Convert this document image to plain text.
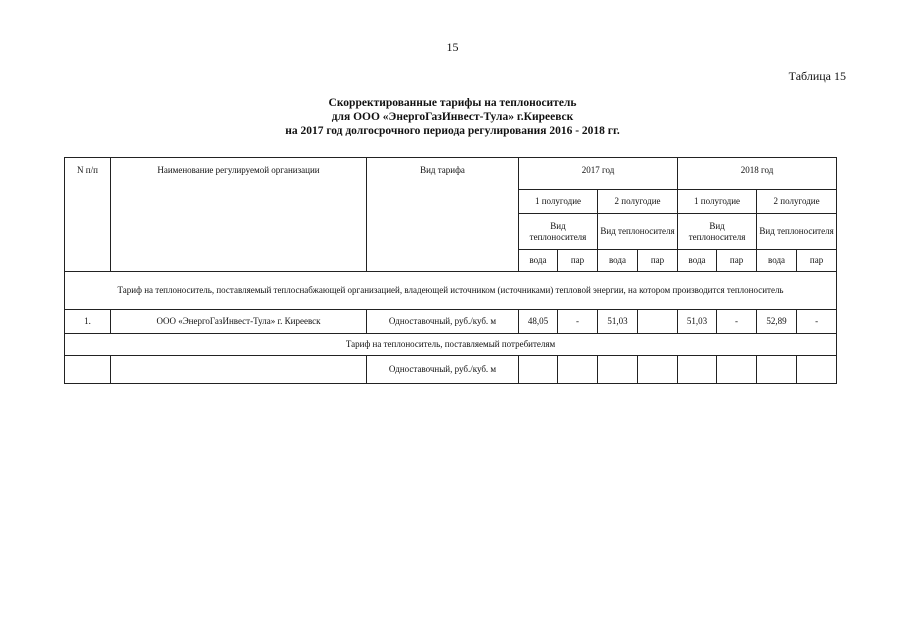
15
Таблица 15
Скорректированные тарифы на теплоноситель
для ООО «ЭнергоГазИнвест-Тула» г.Киреевск
на 2017 год долгосрочного периода регулирования 2016 - 2018 гг.
N п/п	Наименование регулируемой организации	Вид тарифа	2017 год				2018 год			
			1 полугодие		2 полугодие		1 полугодие		2 полугодие	
			Вид теплоносителя		Вид теплоносителя		Вид теплоносителя		Вид теплоносителя	
			вода	пар	вода	пар	вода	пар	вода	пар
Тариф на теплоноситель, поставляемый теплоснабжающей организацией, владеющей источником (источниками) тепловой энергии, на котором производится теплоноситель										
1.	ООО «ЭнергоГазИнвест-Тула» г. Киреевск	Одноставочный, руб./куб. м	48,05	-	51,03		51,03	-	52,89	-
Тариф на теплоноситель, поставляемый потребителям										
		Одноставочный, руб./куб. м								
